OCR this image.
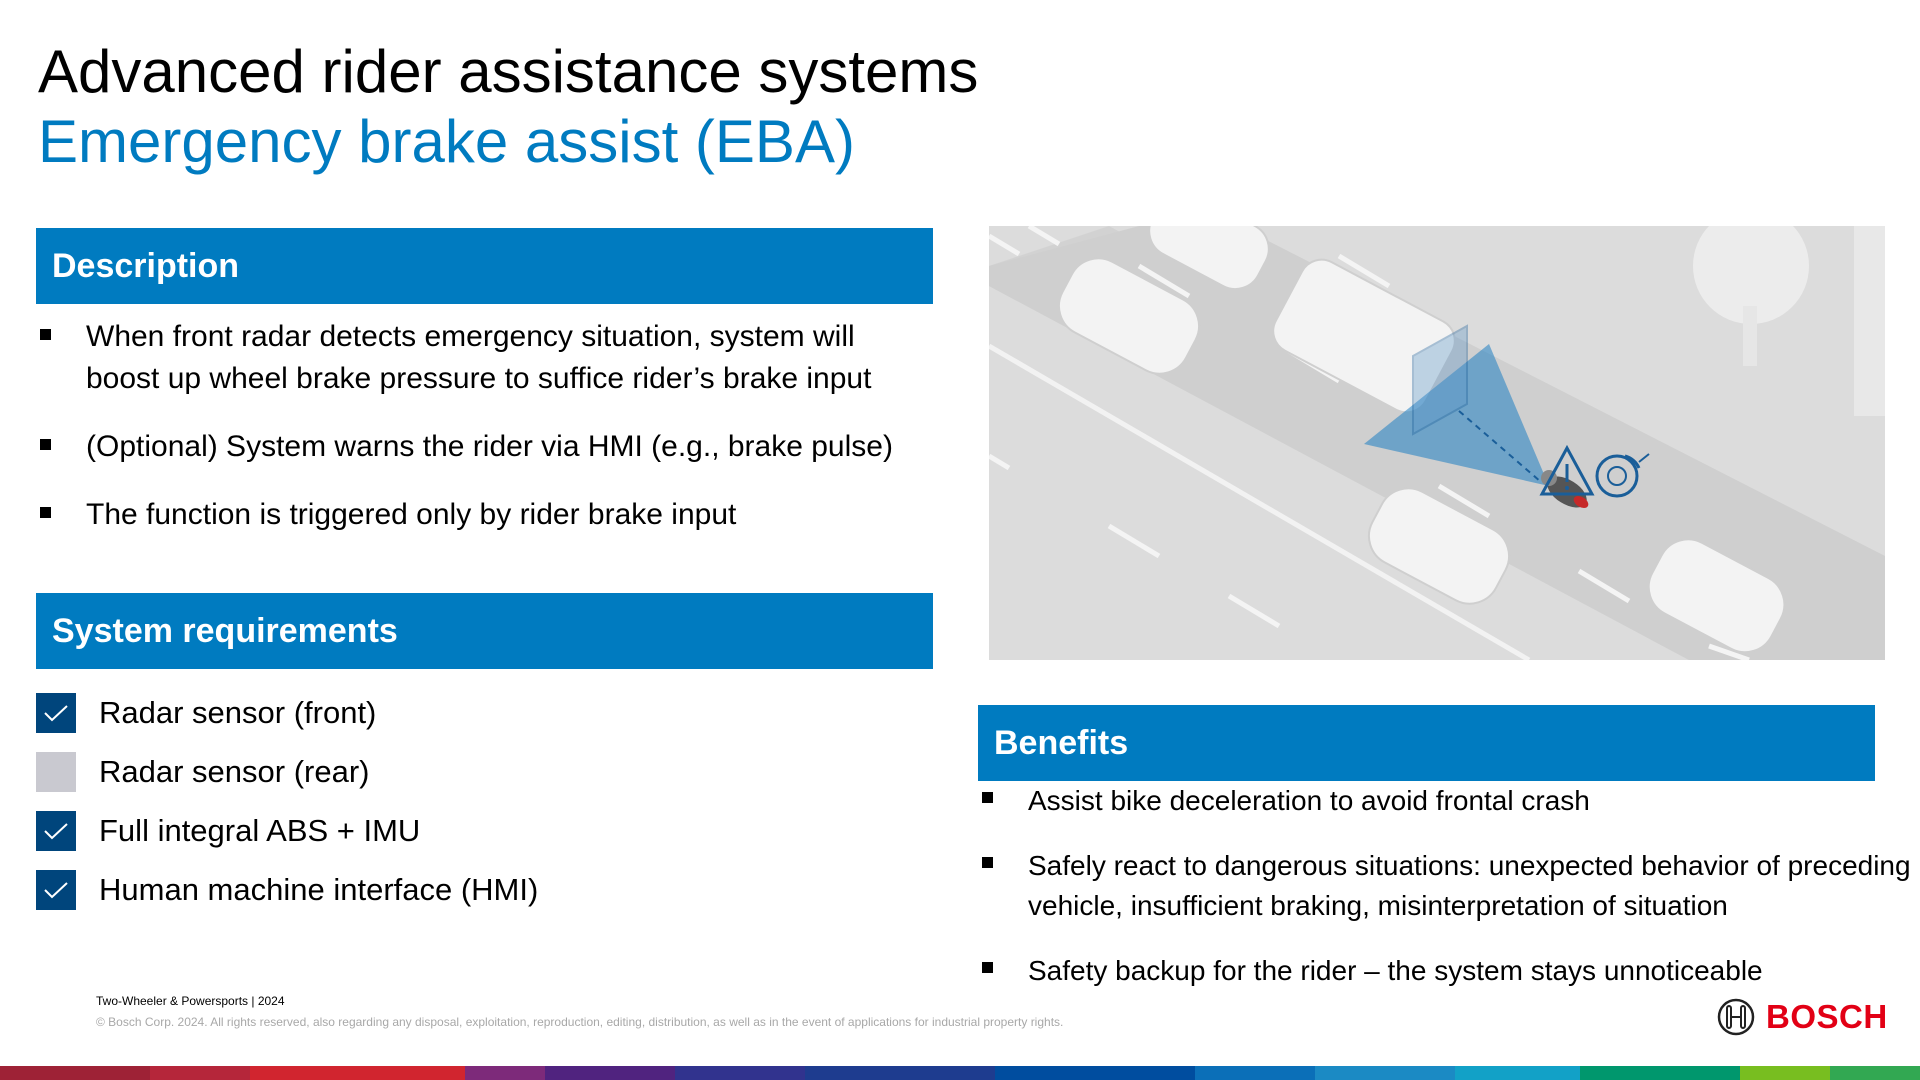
Advanced rider assistance systems
Emergency brake assist (EBA)
Description
When front radar detects emergency situation, system will boost up wheel brake pressure to suffice rider’s brake input
(Optional) System warns the rider via HMI (e.g., brake pulse)
The function is triggered only by rider brake input
System requirements
Radar sensor (front)
Radar sensor (rear)
Full integral ABS + IMU
Human machine interface (HMI)
Benefits
Assist bike deceleration to avoid frontal crash
Safely react to dangerous situations: unexpected behavior of preceding vehicle, insufficient braking, misinterpretation of situation
Safety backup for the rider – the system stays unnoticeable
Two-Wheeler & Powersports | 2024
© Bosch Corp. 2024. All rights reserved, also regarding any disposal, exploitation, reproduction, editing, distribution, as well as in the event of applications for industrial property rights.	BOSCH
